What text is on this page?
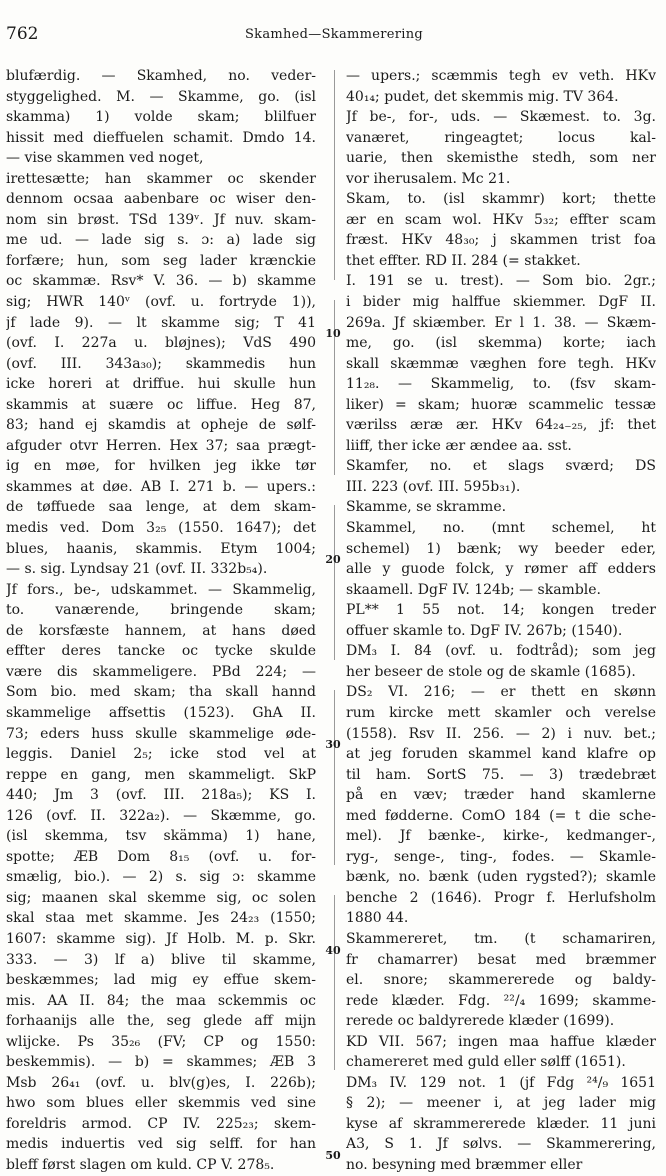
762	Skamhed—Skammerering
10
20
30
40
50
blufærdig. — Skamhed, no. veder-
styggelighed. M. — Skamme, go. (isl
skamma) 1) volde skam; blilfuer
hissit med dieffuelen schamit. Dmdo 14.
— vise skammen ved noget,
irettesætte; han skammer oc skender
dennom ocsaa aabenbare oc wiser den-
nom sin brøst. TSd 139ᵛ. Jf nuv. skam-
me ud. — lade sig s. ɔ: a) lade sig
forfære; hun, som seg lader krænckie
oc skammæ. Rsv* V. 36. — b) skamme
sig; HWR 140ᵛ (ovf. u. fortryde 1)),
jf lade 9). — lt skamme sig; T 41
(ovf. I. 227a u. bløjnes); VdS 490
(ovf. III. 343a₃₀); skammedis hun
icke horeri at driffue. hui skulle hun
skammis at suære oc liffue. Heg 87,
83; hand ej skamdis at opheje de sølf-
afguder otvr Herren. Hex 37; saa prægt-
ig en møe, for hvilken jeg ikke tør
skammes at døe. AB I. 271 b. — upers.:
de tøffuede saa lenge, at dem skam-
medis ved. Dom 3₂₅ (1550. 1647); det
blues, haanis, skammis. Etym 1004;
— s. sig. Lyndsay 21 (ovf. II. 332b₅₄).
Jf fors., be-, udskammet. — Skammelig,
to. vanærende, bringende skam;
de korsfæste hannem, at hans døed
effter deres tancke oc tycke skulde
være dis skammeligere. PBd 224; —
Som bio. med skam; tha skall hannd
skammelige affsettis (1523). GhA II.
73; eders huss skulle skammelige øde-
leggis. Daniel 2₅; icke stod vel at
reppe en gang, men skammeligt. SkP
440; Jm 3 (ovf. III. 218a₅); KS I.
126 (ovf. II. 322a₂). — Skæmme, go.
(isl skemma, tsv skämma) 1) hane,
spotte; ÆB Dom 8₁₅ (ovf. u. for-
smælig, bio.). — 2) s. sig ɔ: skamme
sig; maanen skal skemme sig, oc solen
skal staa met skamme. Jes 24₂₃ (1550;
1607: skamme sig). Jf Holb. M. p. Skr.
333. — 3) lf a) blive til skamme,
beskæmmes; lad mig ey effue skem-
mis. AA II. 84; the maa sckemmis oc
forhaanijs alle the, seg glede aff mijn
wlijcke. Ps 35₂₆ (FV; CP og 1550:
beskemmis). — b) = skammes; ÆB 3
Msb 26₄₁ (ovf. u. blv(g)es, I. 226b);
hwo som blues eller skemmis ved sine
foreldris armod. CP IV. 225₂₃; skem-
medis induertis ved sig selff. for han
bleff først slagen om kuld. CP V. 278₅.
— upers.; scæmmis tegh ev veth. HKv
40₁₄; pudet, det skemmis mig. TV 364.
Jf be-, for-, uds. — Skæmest. to. 3g.
vanæret, ringeagtet; locus kal-
uarie, then skemisthe stedh, som ner
vor iherusalem. Mc 21.
Skam, to. (isl skammr) kort; thette
ær en scam wol. HKv 5₃₂; effter scam
fræst. HKv 48₃₀; j skammen trist foa
thet effter. RD II. 284 (= stakket.
I. 191 se u. trest). — Som bio. 2gr.;
i bider mig halffue skiemmer. DgF II.
269a. Jf skiæmber. Er l 1. 38. — Skæm-
me, go. (isl skemma) korte; iach
skall skæmmæ væghen fore tegh. HKv
11₂₈. — Skammelig, to. (fsv skam-
liker) = skam; huoræ scammelic tessæ
værilss æræ ær. HKv 64₂₄₋₂₅, jf: thet
liiff, ther icke ær ændee aa. sst.
Skamfer, no. et slags sværd; DS
III. 223 (ovf. III. 595b₃₁).
Skamme, se skramme.
Skammel, no. (mnt schemel, ht
schemel) 1) bænk; wy beeder eder,
alle y guode folck, y rømer aff edders
skaamell. DgF IV. 124b; — skamble.
PL** 1 55 not. 14; kongen treder
offuer skamle to. DgF IV. 267b; (1540).
DM₃ I. 84 (ovf. u. fodtråd); som jeg
her beseer de stole og de skamle (1685).
DS₂ VI. 216; — er thett en skønn
rum kircke mett skamler och verelse
(1558). Rsv II. 256. — 2) i nuv. bet.;
at jeg foruden skammel kand klafre op
til ham. SortS 75. — 3) trædebræt
på en væv; træder hand skamlerne
med fødderne. ComO 184 (= t die sche-
mel). Jf bænke-, kirke-, kedmanger-,
ryg-, senge-, ting-, fodes. — Skamle-
bænk, no. bænk (uden rygsted?); skamle
benche 2 (1646). Progr f. Herlufsholm
1880 44.
Skammereret, tm. (t schamariren,
fr chamarrer) besat med bræmmer
el. snore; skammererede og baldy-
rede klæder. Fdg. ²²/₄ 1699; skamme-
rerede oc baldyrerede klæder (1699).
KD VII. 567; ingen maa haffue klæder
chamereret med guld eller sølff (1651).
DM₃ IV. 129 not. 1 (jf Fdg ²⁴/₉ 1651
§ 2); — meener i, at jeg lader mig
kyse af skrammererede klæder. 11 juni
A3, S 1. Jf sølvs. — Skammerering,
no. besyning med bræmmer eller
